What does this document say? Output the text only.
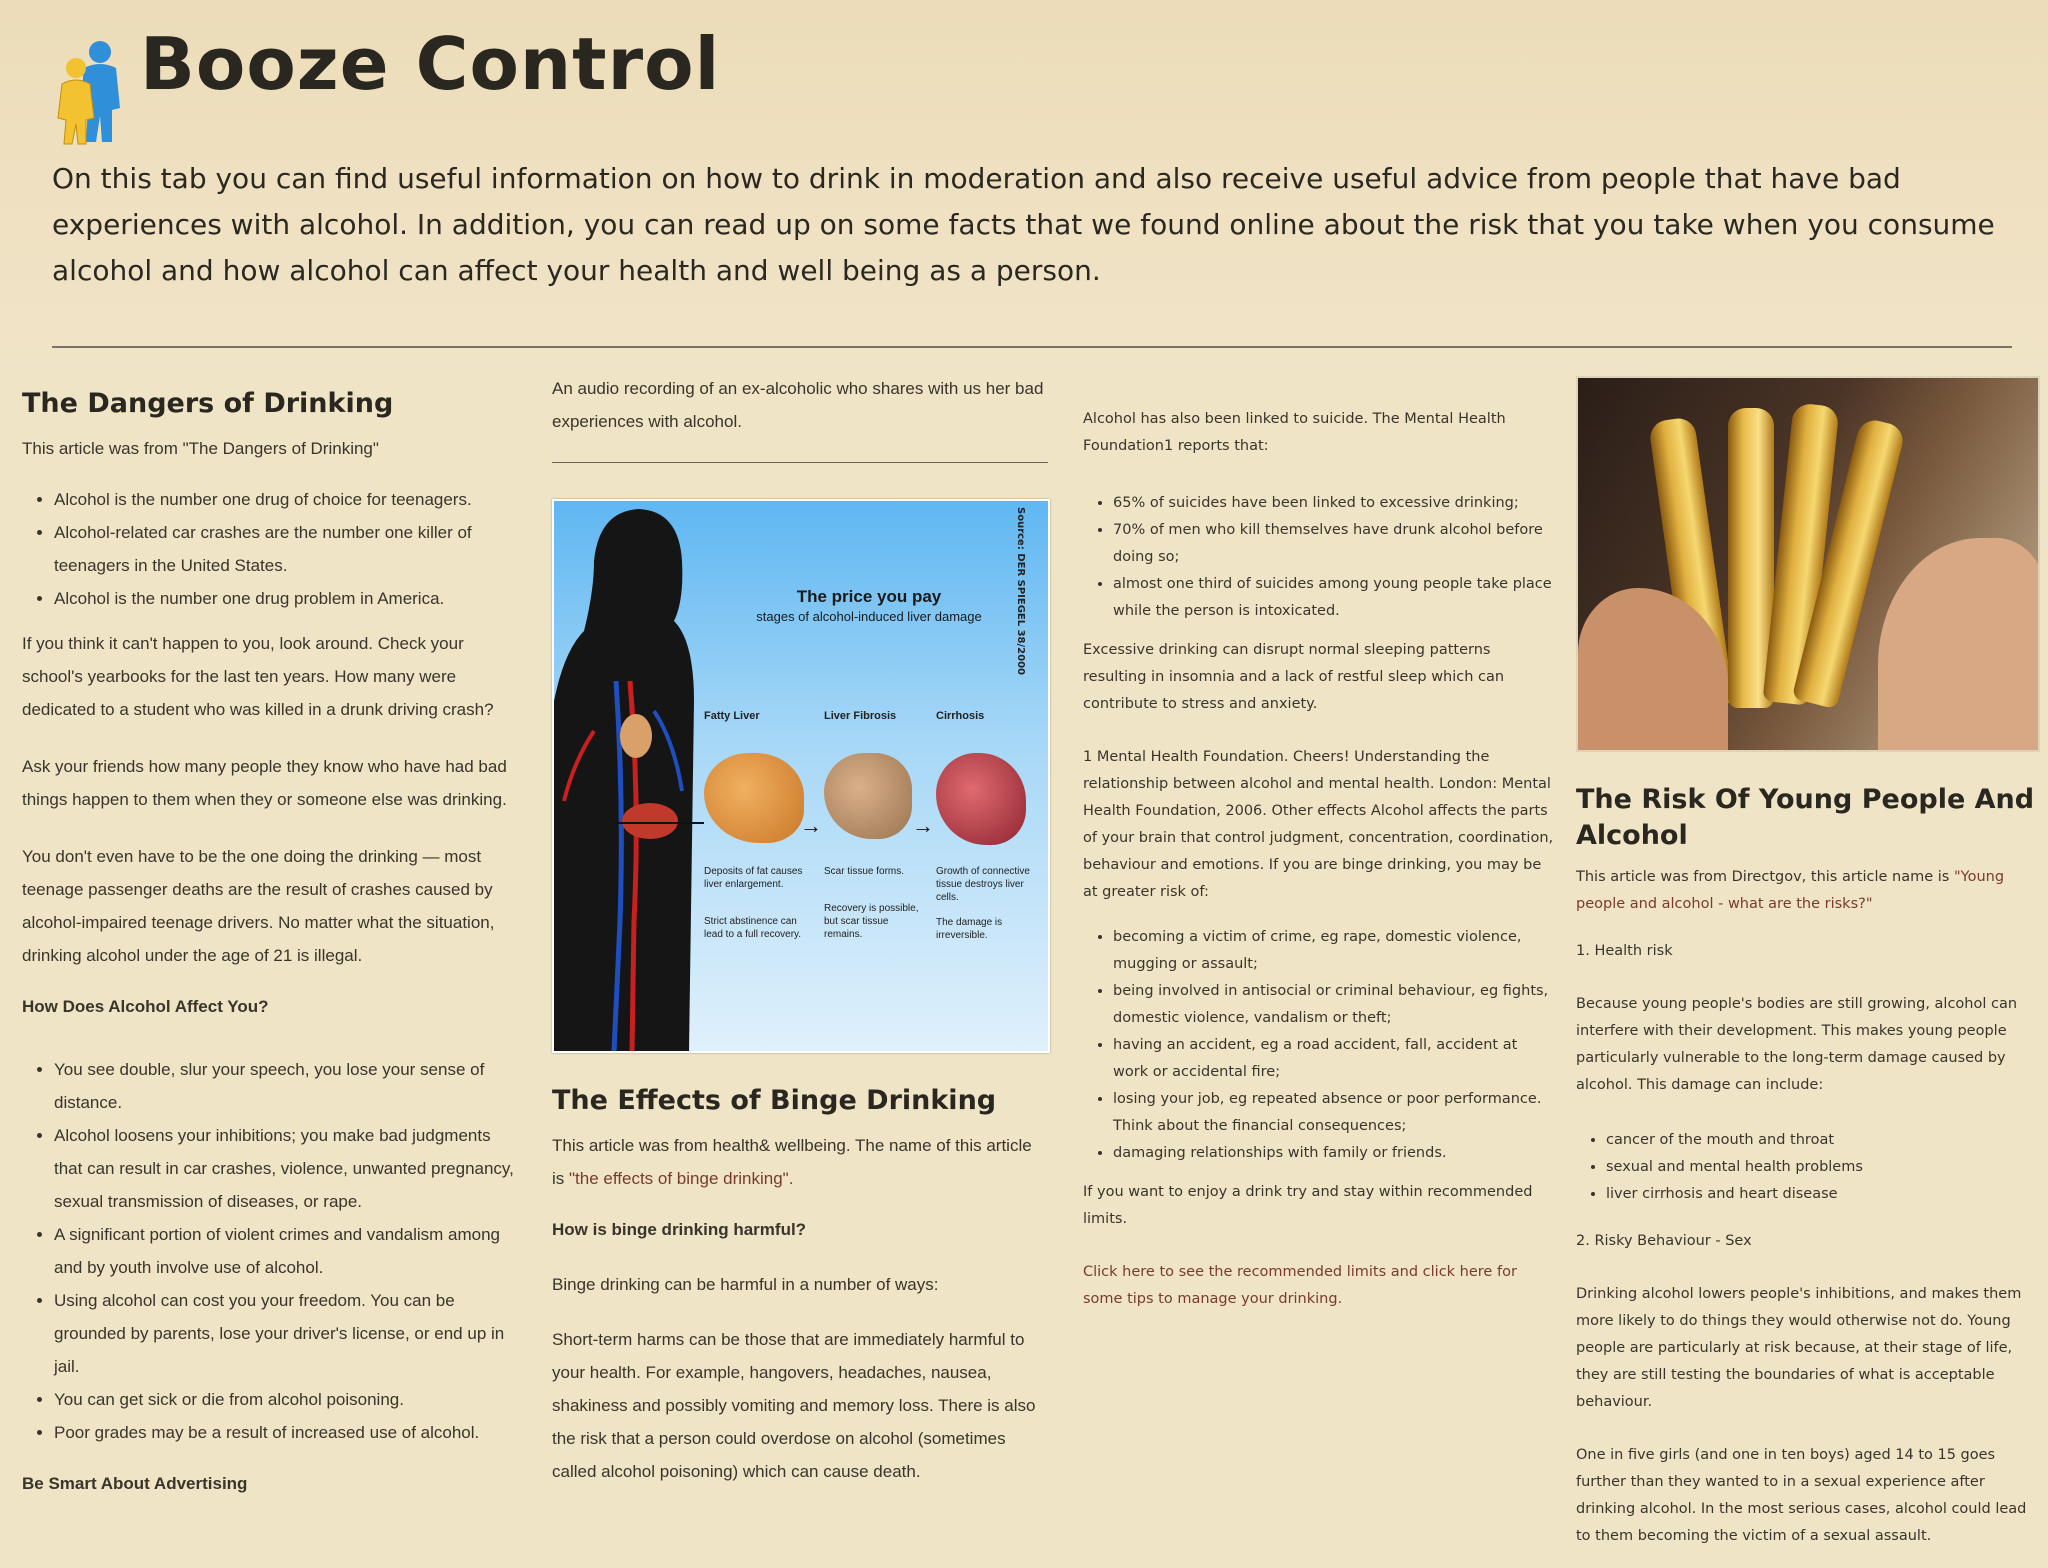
Booze Control

On this tab you can find useful information on how to drink in moderation and also receive useful advice from people that have bad experiences with alcohol. In addition, you can read up on some facts that we found online about the risk that you take when you consume alcohol and how alcohol can affect your health and well being as a person.

The Dangers of Drinking

This article was from "The Dangers of Drinking"

• Alcohol is the number one drug of choice for teenagers.
• Alcohol-related car crashes are the number one killer of teenagers in the United States.
• Alcohol is the number one drug problem in America.

If you think it can't happen to you, look around. Check your school's yearbooks for the last ten years. How many were dedicated to a student who was killed in a drunk driving crash?

Ask your friends how many people they know who have had bad things happen to them when they or someone else was drinking.

You don't even have to be the one doing the drinking — most teenage passenger deaths are the result of crashes caused by alcohol-impaired teenage drivers. No matter what the situation, drinking alcohol under the age of 21 is illegal.

How Does Alcohol Affect You?

• You see double, slur your speech, you lose your sense of distance.
• Alcohol loosens your inhibitions; you make bad judgments that can result in car crashes, violence, unwanted pregnancy, sexual transmission of diseases, or rape.
• A significant portion of violent crimes and vandalism among and by youth involve use of alcohol.
• Using alcohol can cost you your freedom. You can be grounded by parents, lose your driver's license, or end up in jail.
• You can get sick or die from alcohol poisoning.
• Poor grades may be a result of increased use of alcohol.

Be Smart About Advertising

An audio recording of an ex-alcoholic who shares with us her bad experiences with alcohol.

The price you pay
stages of alcohol-induced liver damage	Source: DER SPIEGEL 38/2000
Fatty Liver
Deposits of fat causes liver enlargement.
Strict abstinence can lead to a full recovery.
→
Liver Fibrosis
Scar tissue forms.
Recovery is possible, but scar tissue remains.
→
Cirrhosis
Growth of connective tissue destroys liver cells.
The damage is irreversible.
The Effects of Binge Drinking

This article was from health& wellbeing. The name of this article is "the effects of binge drinking".

How is binge drinking harmful?

Binge drinking can be harmful in a number of ways:

Short-term harms can be those that are immediately harmful to your health. For example, hangovers, headaches, nausea, shakiness and possibly vomiting and memory loss. There is also the risk that a person could overdose on alcohol (sometimes called alcohol poisoning) which can cause death.

Alcohol has also been linked to suicide. The Mental Health Foundation1 reports that:

• 65% of suicides have been linked to excessive drinking;
• 70% of men who kill themselves have drunk alcohol before doing so;
• almost one third of suicides among young people take place while the person is intoxicated.

Excessive drinking can disrupt normal sleeping patterns resulting in insomnia and a lack of restful sleep which can contribute to stress and anxiety.

1 Mental Health Foundation. Cheers! Understanding the relationship between alcohol and mental health. London: Mental Health Foundation, 2006. Other effects Alcohol affects the parts of your brain that control judgment, concentration, coordination, behaviour and emotions. If you are binge drinking, you may be at greater risk of:

• becoming a victim of crime, eg rape, domestic violence, mugging or assault;
• being involved in antisocial or criminal behaviour, eg fights, domestic violence, vandalism or theft;
• having an accident, eg a road accident, fall, accident at work or accidental fire;
• losing your job, eg repeated absence or poor performance. Think about the financial consequences;
• damaging relationships with family or friends.

If you want to enjoy a drink try and stay within recommended limits.

Click here to see the recommended limits and click here for some tips to manage your drinking.

The Risk Of Young People And Alcohol

This article was from Directgov, this article name is "Young people and alcohol - what are the risks?"

1. Health risk

Because young people's bodies are still growing, alcohol can interfere with their development. This makes young people particularly vulnerable to the long-term damage caused by alcohol. This damage can include:

• cancer of the mouth and throat
• sexual and mental health problems
• liver cirrhosis and heart disease

2. Risky Behaviour - Sex

Drinking alcohol lowers people's inhibitions, and makes them more likely to do things they would otherwise not do. Young people are particularly at risk because, at their stage of life, they are still testing the boundaries of what is acceptable behaviour.

One in five girls (and one in ten boys) aged 14 to 15 goes further than they wanted to in a sexual experience after drinking alcohol. In the most serious cases, alcohol could lead to them becoming the victim of a sexual assault.
